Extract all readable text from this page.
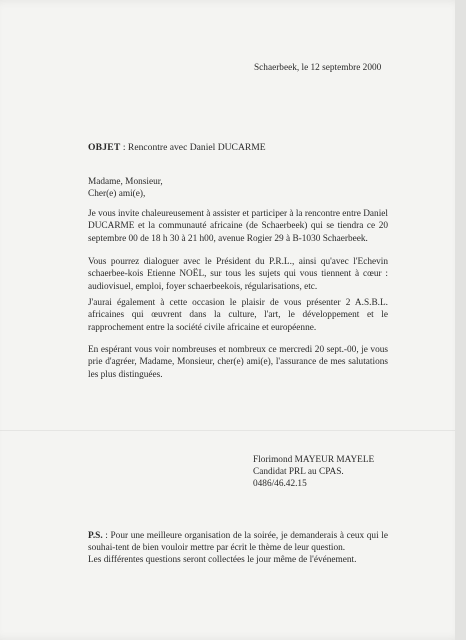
Schaerbeek, le 12 septembre 2000

OBJET : Rencontre avec Daniel DUCARME

Madame, Monsieur,

Cher(e) ami(e),

Je vous invite chaleureusement à assister et participer à la rencontre entre Daniel DUCARME et la communauté africaine (de Schaerbeek) qui se tiendra ce 20 septembre 00 de 18 h 30 à 21 h00, avenue Rogier 29 à B-1030 Schaerbeek.

Vous pourrez dialoguer avec le Président du P.R.L., ainsi qu'avec l'Echevin schaerbee-kois Etienne NOËL, sur tous les sujets qui vous tiennent à cœur : audiovisuel, emploi, foyer schaerbeekois, régularisations, etc.

J'aurai également à cette occasion le plaisir de vous présenter 2 A.S.B.L. africaines qui œuvrent dans la culture, l'art, le développement et le rapprochement entre la société civile africaine et européenne.

En espérant vous voir nombreuses et nombreux ce mercredi 20 sept.-00, je vous prie d'agréer, Madame, Monsieur, cher(e) ami(e), l'assurance de mes salutations les plus distinguées.

Florimond MAYEUR MAYELE

Candidat PRL au CPAS.

0486/46.42.15

P.S. : Pour une meilleure organisation de la soirée, je demanderais à ceux qui le souhai-tent de bien vouloir mettre par écrit le thème de leur question.

Les différentes questions seront collectées le jour même de l'événement.
